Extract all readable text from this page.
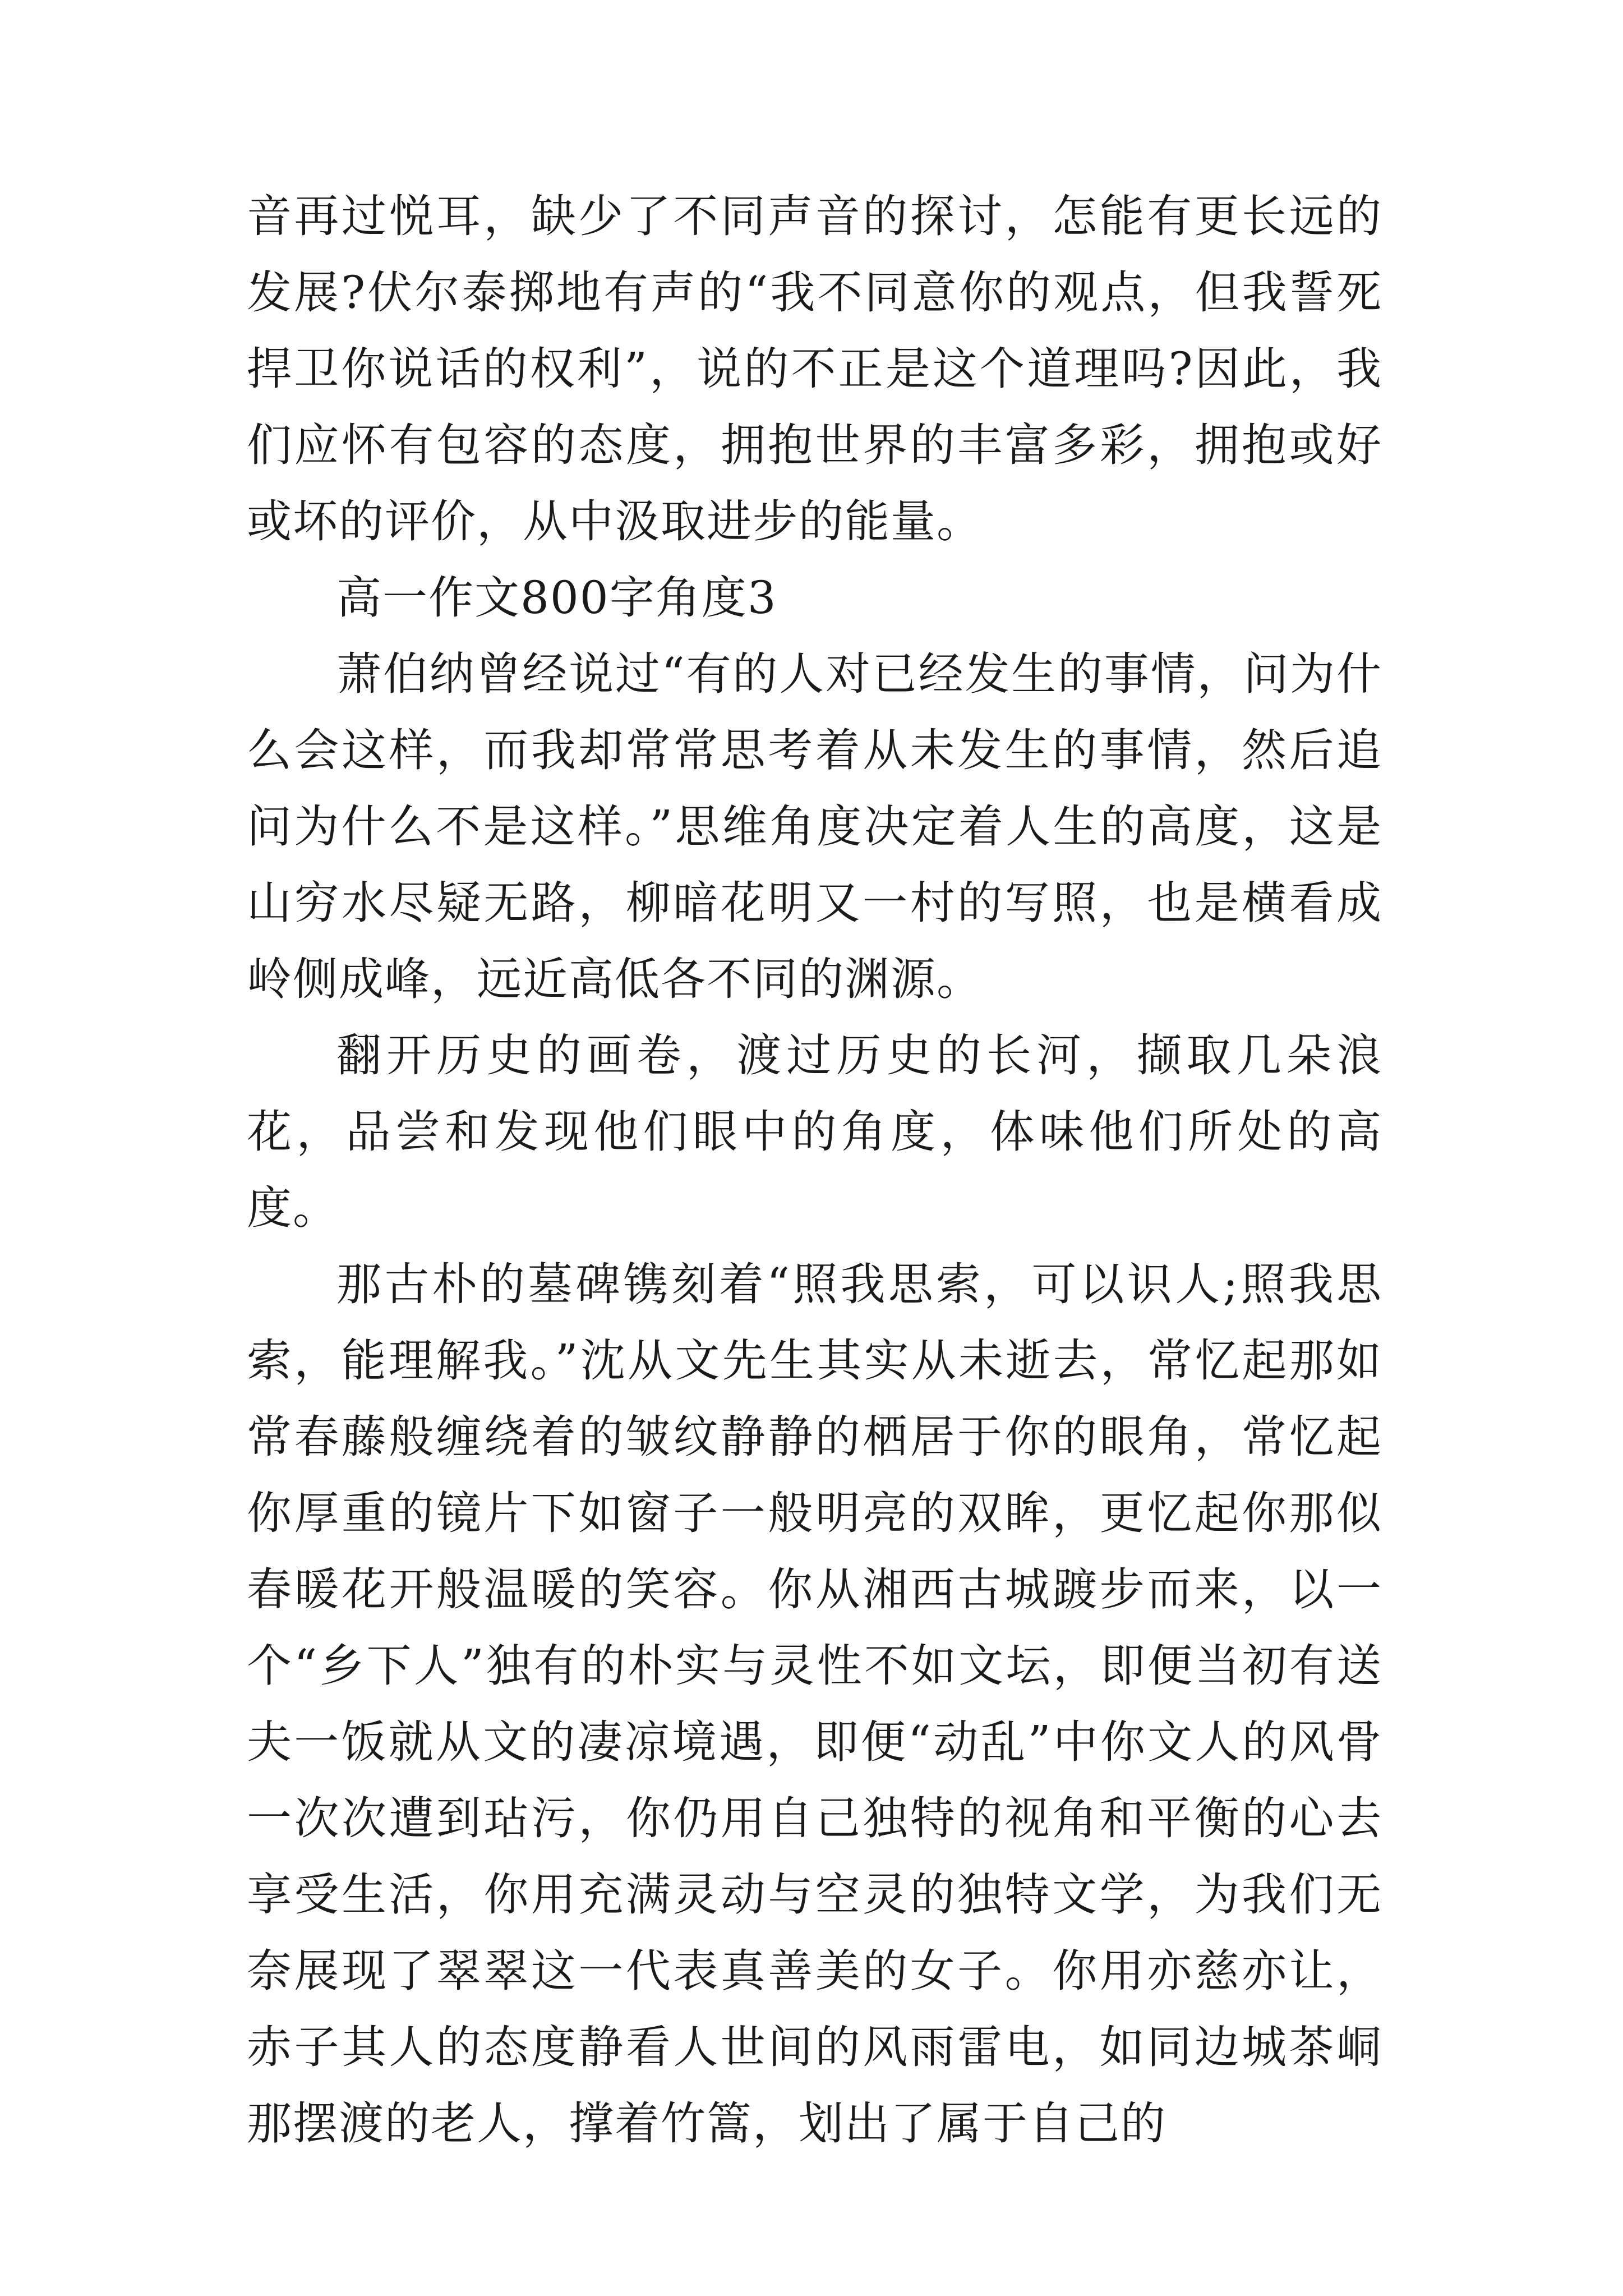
音再过悦耳，缺少了不同声音的探讨，怎能有更长远的发展?伏尔泰掷地有声的“我不同意你的观点，但我誓死捍卫你说话的权利”，说的不正是这个道理吗?因此，我们应怀有包容的态度，拥抱世界的丰富多彩，拥抱或好或坏的评价，从中汲取进步的能量。

高一作文800字角度3

萧伯纳曾经说过“有的人对已经发生的事情，问为什么会这样，而我却常常思考着从未发生的事情，然后追问为什么不是这样。”思维角度决定着人生的高度，这是山穷水尽疑无路，柳暗花明又一村的写照，也是横看成岭侧成峰，远近高低各不同的渊源。

翻开历史的画卷，渡过历史的长河，撷取几朵浪花，品尝和发现他们眼中的角度，体味他们所处的高度。

那古朴的墓碑镌刻着“照我思索，可以识人;照我思索，能理解我。”沈从文先生其实从未逝去，常忆起那如常春藤般缠绕着的皱纹静静的栖居于你的眼角，常忆起你厚重的镜片下如窗子一般明亮的双眸，更忆起你那似春暖花开般温暖的笑容。你从湘西古城踱步而来，以一个“乡下人”独有的朴实与灵性不如文坛，即便当初有送夫一饭就从文的凄凉境遇，即便“动乱”中你文人的风骨一次次遭到玷污，你仍用自己独特的视角和平衡的心去享受生活，你用充满灵动与空灵的独特文学，为我们无奈展现了翠翠这一代表真善美的女子。你用亦慈亦让，赤子其人的态度静看人世间的风雨雷电，如同边城茶峒那摆渡的老人，撑着竹篙，划出了属于自己的
